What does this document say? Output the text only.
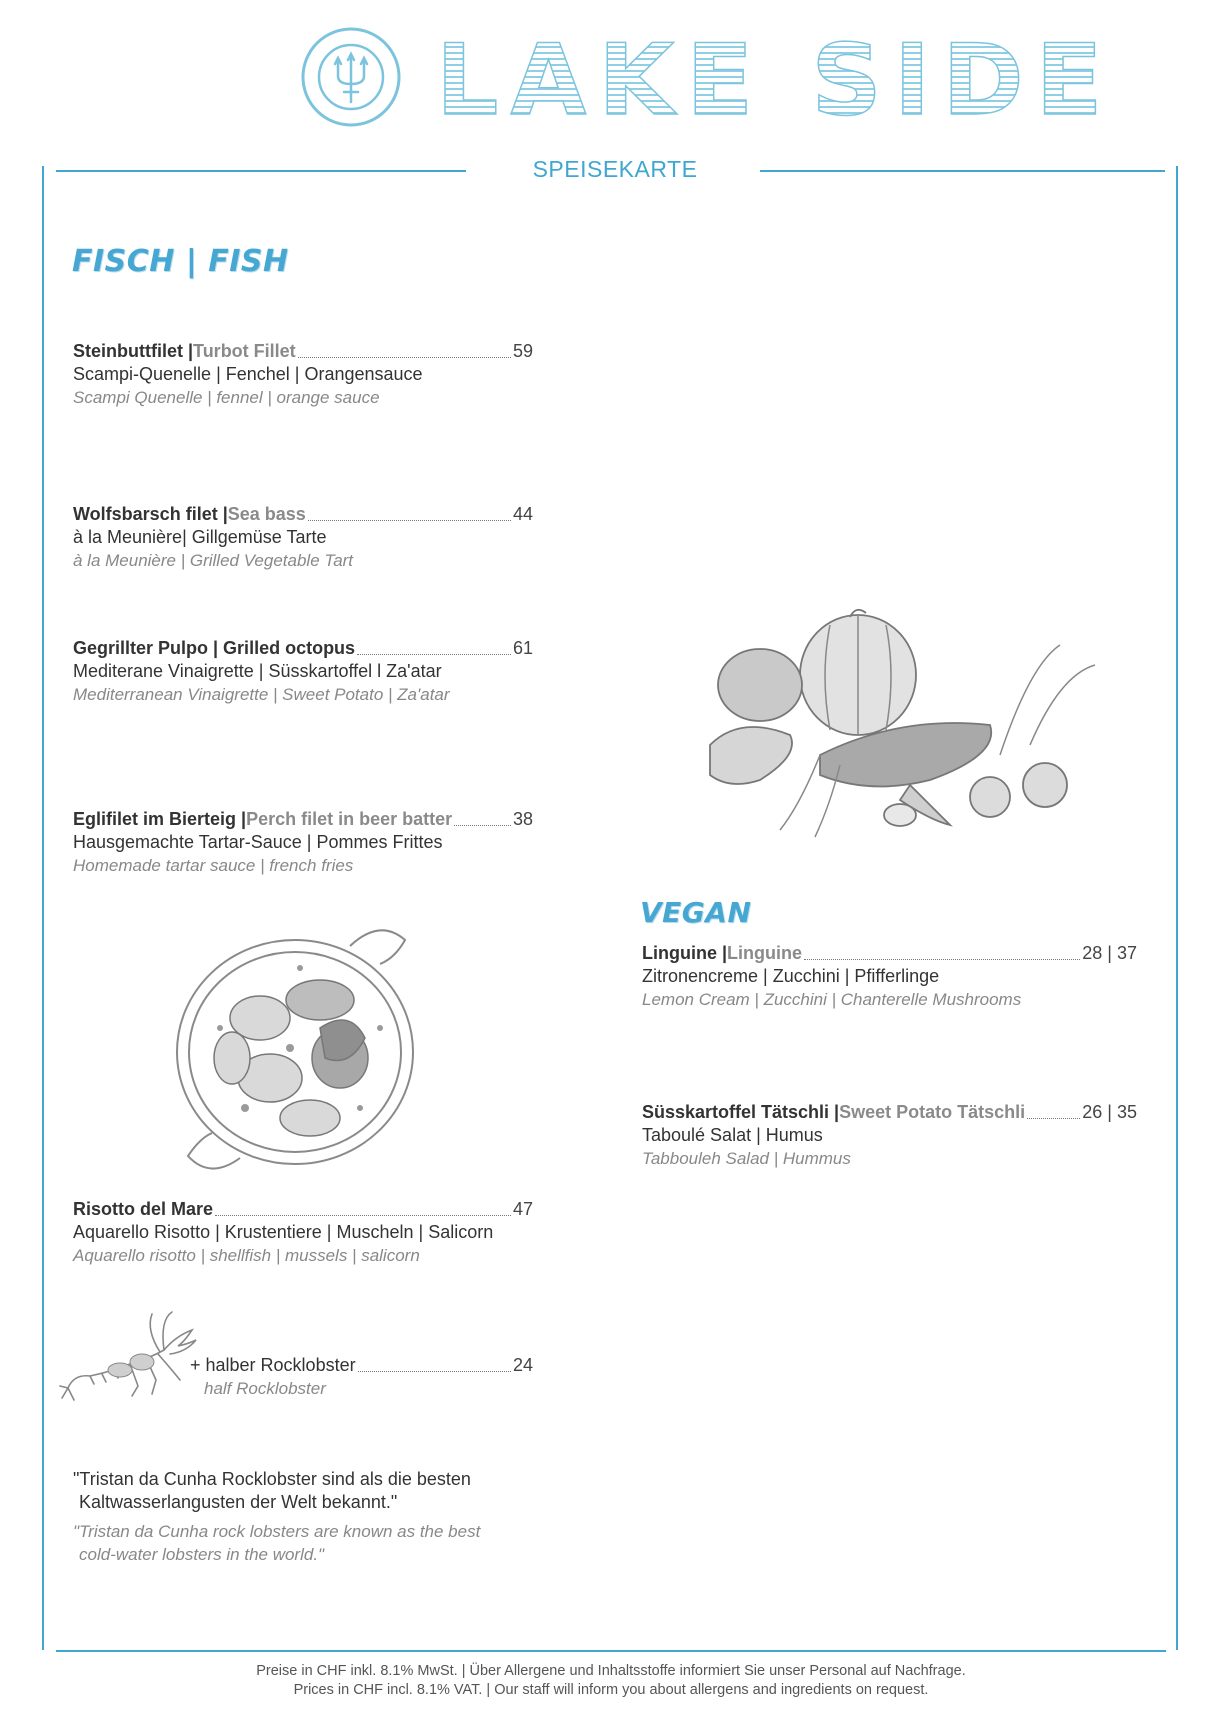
LAKE SIDE
SPEISEKARTE
FISCH | FISH
Steinbuttfilet | Turbot Fillet	59
Scampi-Quenelle | Fenchel | Orangensauce
Scampi Quenelle | fennel | orange sauce
Wolfsbarsch filet | Sea bass	44
à la Meunière| Gillgemüse Tarte
à la Meunière | Grilled Vegetable Tart
Gegrillter Pulpo | Grilled octopus	61
Mediterane Vinaigrette | Süsskartoffel l Za'atar
Mediterranean Vinaigrette | Sweet Potato | Za'atar
Eglifilet im Bierteig | Perch filet in beer batter	38
Hausgemachte Tartar-Sauce | Pommes Frittes
Homemade tartar sauce | french fries
Risotto del Mare	47
Aquarello Risotto | Krustentiere | Muscheln | Salicorn
Aquarello risotto | shellfish | mussels | salicorn
+ halber Rocklobster	24
half Rocklobster
"Tristan da Cunha Rocklobster sind als die besten
Kaltwasserlangusten der Welt bekannt."
"Tristan da Cunha rock lobsters are known as the best
cold-water lobsters in the world."
VEGAN
Linguine | Linguine	28 | 37
Zitronencreme | Zucchini | Pfifferlinge
Lemon Cream | Zucchini | Chanterelle Mushrooms
Süsskartoffel Tätschli | Sweet Potato Tätschli	26 | 35
Taboulé Salat | Humus
Tabbouleh Salad | Hummus
Preise in CHF inkl. 8.1% MwSt. | Über Allergene und Inhaltsstoffe informiert Sie unser Personal auf Nachfrage.
Prices in CHF incl. 8.1% VAT. | Our staff will inform you about allergens and ingredients on request.
